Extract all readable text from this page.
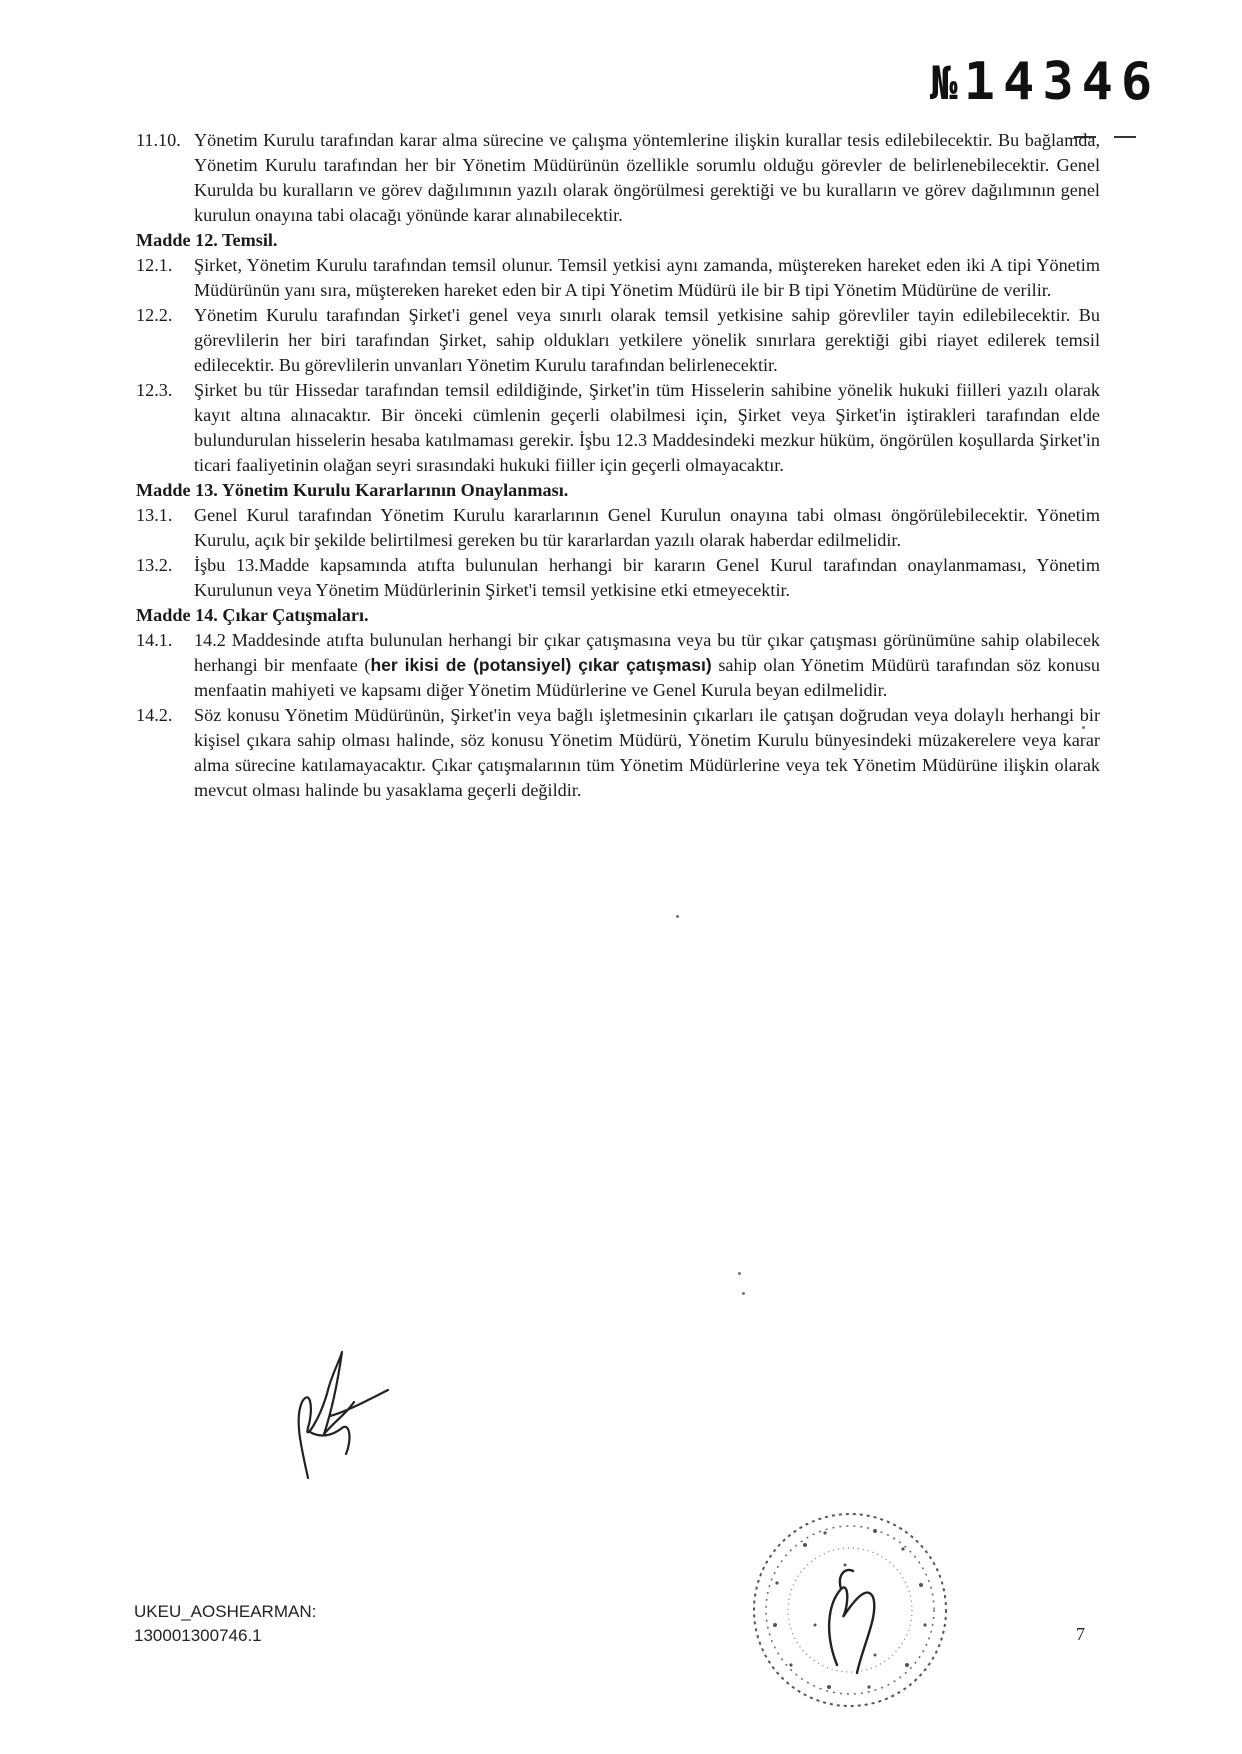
№ 14346
11.10. Yönetim Kurulu tarafından karar alma sürecine ve çalışma yöntemlerine ilişkin kurallar tesis edilebilecektir. Bu bağlamda, Yönetim Kurulu tarafından her bir Yönetim Müdürünün özellikle sorumlu olduğu görevler de belirlenebilecektir. Genel Kurulda bu kuralların ve görev dağılımının yazılı olarak öngörülmesi gerektiği ve bu kuralların ve görev dağılımının genel kurulun onayına tabi olacağı yönünde karar alınabilecektir.

Madde 12. Temsil.

12.1.	Şirket, Yönetim Kurulu tarafından temsil olunur. Temsil yetkisi aynı zamanda, müştereken hareket eden iki A tipi Yönetim Müdürünün yanı sıra, müştereken hareket eden bir A tipi Yönetim Müdürü ile bir B tipi Yönetim Müdürüne de verilir.
12.2.	Yönetim Kurulu tarafından Şirket'i genel veya sınırlı olarak temsil yetkisine sahip görevliler tayin edilebilecektir. Bu görevlilerin her biri tarafından Şirket, sahip oldukları yetkilere yönelik sınırlara gerektiği gibi riayet edilerek temsil edilecektir. Bu görevlilerin unvanları Yönetim Kurulu tarafından belirlenecektir.
12.3.	Şirket bu tür Hissedar tarafından temsil edildiğinde, Şirket'in tüm Hisselerin sahibine yönelik hukuki fiilleri yazılı olarak kayıt altına alınacaktır. Bir önceki cümlenin geçerli olabilmesi için, Şirket veya Şirket'in iştirakleri tarafından elde bulundurulan hisselerin hesaba katılmaması gerekir. İşbu 12.3 Maddesindeki mezkur hüküm, öngörülen koşullarda Şirket'in ticari faaliyetinin olağan seyri sırasındaki hukuki fiiller için geçerli olmayacaktır.

Madde 13. Yönetim Kurulu Kararlarının Onaylanması.

13.1.	Genel Kurul tarafından Yönetim Kurulu kararlarının Genel Kurulun onayına tabi olması öngörülebilecektir. Yönetim Kurulu, açık bir şekilde belirtilmesi gereken bu tür kararlardan yazılı olarak haberdar edilmelidir.
13.2.	İşbu 13.Madde kapsamında atıfta bulunulan herhangi bir kararın Genel Kurul tarafından onaylanmaması, Yönetim Kurulunun veya Yönetim Müdürlerinin Şirket'i temsil yetkisine etki etmeyecektir.

Madde 14. Çıkar Çatışmaları.

14.1.	14.2 Maddesinde atıfta bulunulan herhangi bir çıkar çatışmasına veya bu tür çıkar çatışması görünümüne sahip olabilecek herhangi bir menfaate (her ikisi de (potansiyel) çıkar çatışması) sahip olan Yönetim Müdürü tarafından söz konusu menfaatin mahiyeti ve kapsamı diğer Yönetim Müdürlerine ve Genel Kurula beyan edilmelidir.
14.2.	Söz konusu Yönetim Müdürünün, Şirket'in veya bağlı işletmesinin çıkarları ile çatışan doğrudan veya dolaylı herhangi bir kişisel çıkara sahip olması halinde, söz konusu Yönetim Müdürü, Yönetim Kurulu bünyesindeki müzakerelere veya karar alma sürecine katılamayacaktır. Çıkar çatışmalarının tüm Yönetim Müdürlerine veya tek Yönetim Müdürüne ilişkin olarak mevcut olması halinde bu yasaklama geçerli değildir.
UKEU_AOSHEARMAN:
130001300746.1	7
